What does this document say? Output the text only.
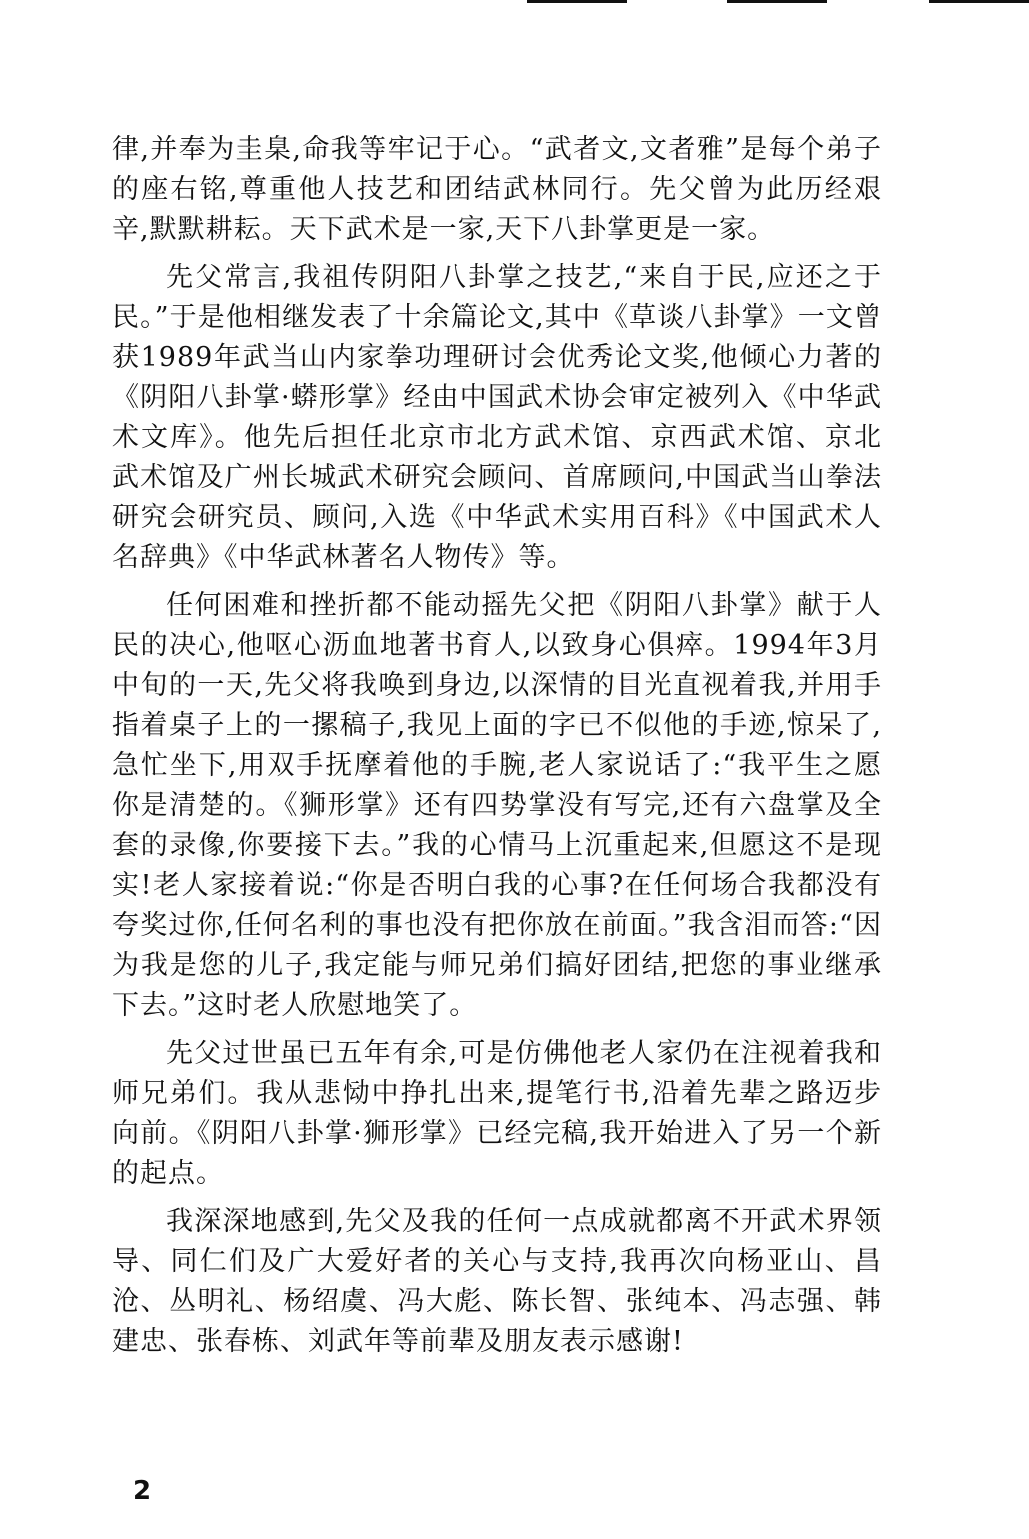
律,并奉为圭臬,命我等牢记于心。“武者文,文者雅”是每个弟子的座右铭,尊重他人技艺和团结武林同行。先父曾为此历经艰辛,默默耕耘。天下武术是一家,天下八卦掌更是一家。

先父常言,我祖传阴阳八卦掌之技艺,“来自于民,应还之于民。”于是他相继发表了十余篇论文,其中《草谈八卦掌》一文曾获1989年武当山内家拳功理研讨会优秀论文奖,他倾心力著的《阴阳八卦掌·蟒形掌》经由中国武术协会审定被列入《中华武术文库》。他先后担任北京市北方武术馆、京西武术馆、京北武术馆及广州长城武术研究会顾问、首席顾问,中国武当山拳法研究会研究员、顾问,入选《中华武术实用百科》《中国武术人名辞典》《中华武林著名人物传》等。

任何困难和挫折都不能动摇先父把《阴阳八卦掌》献于人民的决心,他呕心沥血地著书育人,以致身心俱瘁。1994年3月中旬的一天,先父将我唤到身边,以深情的目光直视着我,并用手指着桌子上的一摞稿子,我见上面的字已不似他的手迹,惊呆了,急忙坐下,用双手抚摩着他的手腕,老人家说话了:“我平生之愿你是清楚的。《狮形掌》还有四势掌没有写完,还有六盘掌及全套的录像,你要接下去。”我的心情马上沉重起来,但愿这不是现实!老人家接着说:“你是否明白我的心事?在任何场合我都没有夸奖过你,任何名利的事也没有把你放在前面。”我含泪而答:“因为我是您的儿子,我定能与师兄弟们搞好团结,把您的事业继承下去。”这时老人欣慰地笑了。

先父过世虽已五年有余,可是仿佛他老人家仍在注视着我和师兄弟们。我从悲恸中挣扎出来,提笔行书,沿着先辈之路迈步向前。《阴阳八卦掌·狮形掌》已经完稿,我开始进入了另一个新的起点。

我深深地感到,先父及我的任何一点成就都离不开武术界领导、同仁们及广大爱好者的关心与支持,我再次向杨亚山、昌沧、丛明礼、杨绍虞、冯大彪、陈长智、张纯本、冯志强、韩建忠、张春栋、刘武年等前辈及朋友表示感谢!

2
